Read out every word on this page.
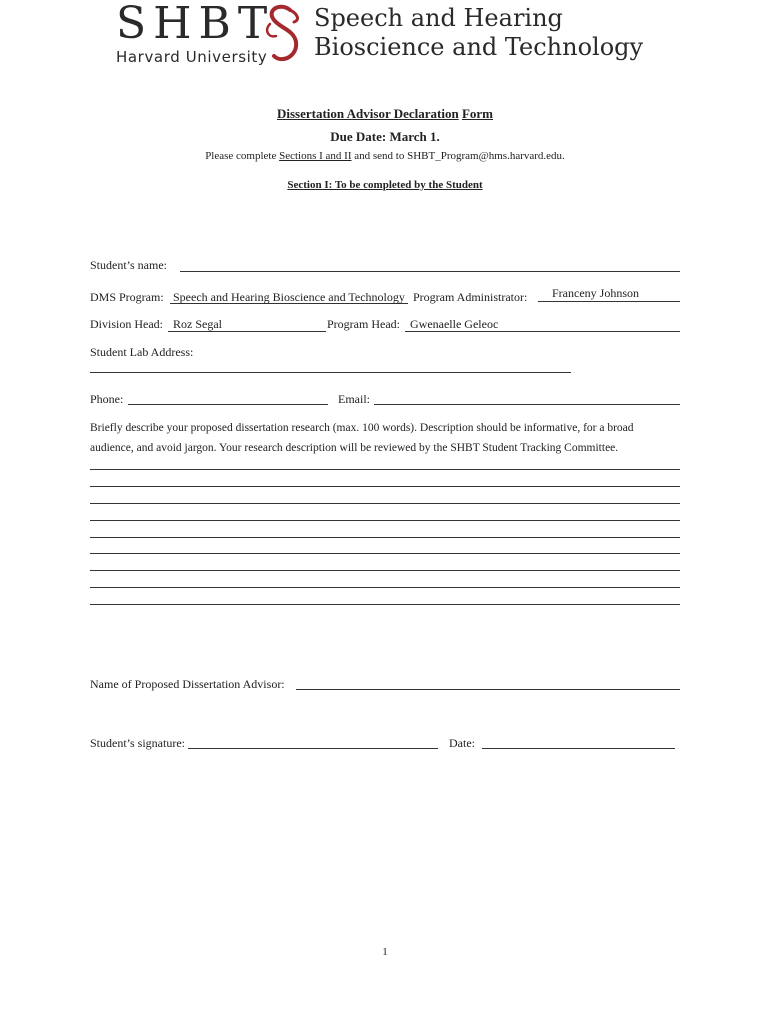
SHBT
Harvard University
Speech and Hearing
Bioscience and Technology
Dissertation Advisor Declaration Form
Due Date: March 1.
Please complete Sections I and II and send to SHBT_Program@hms.harvard.edu.
Section I: To be completed by the Student
Student’s name:
DMS Program: Speech and Hearing Bioscience and Technology Program Administrator: Franceny Johnson
Division Head: Roz Segal	Program Head: Gwenaelle Geleoc
Student Lab Address:
Phone:	Email:
Briefly describe your proposed dissertation research (max. 100 words). Description should be informative, for a broad audience, and avoid jargon. Your research description will be reviewed by the SHBT Student Tracking Committee.
Name of Proposed Dissertation Advisor:
Student’s signature:	Date:
1
